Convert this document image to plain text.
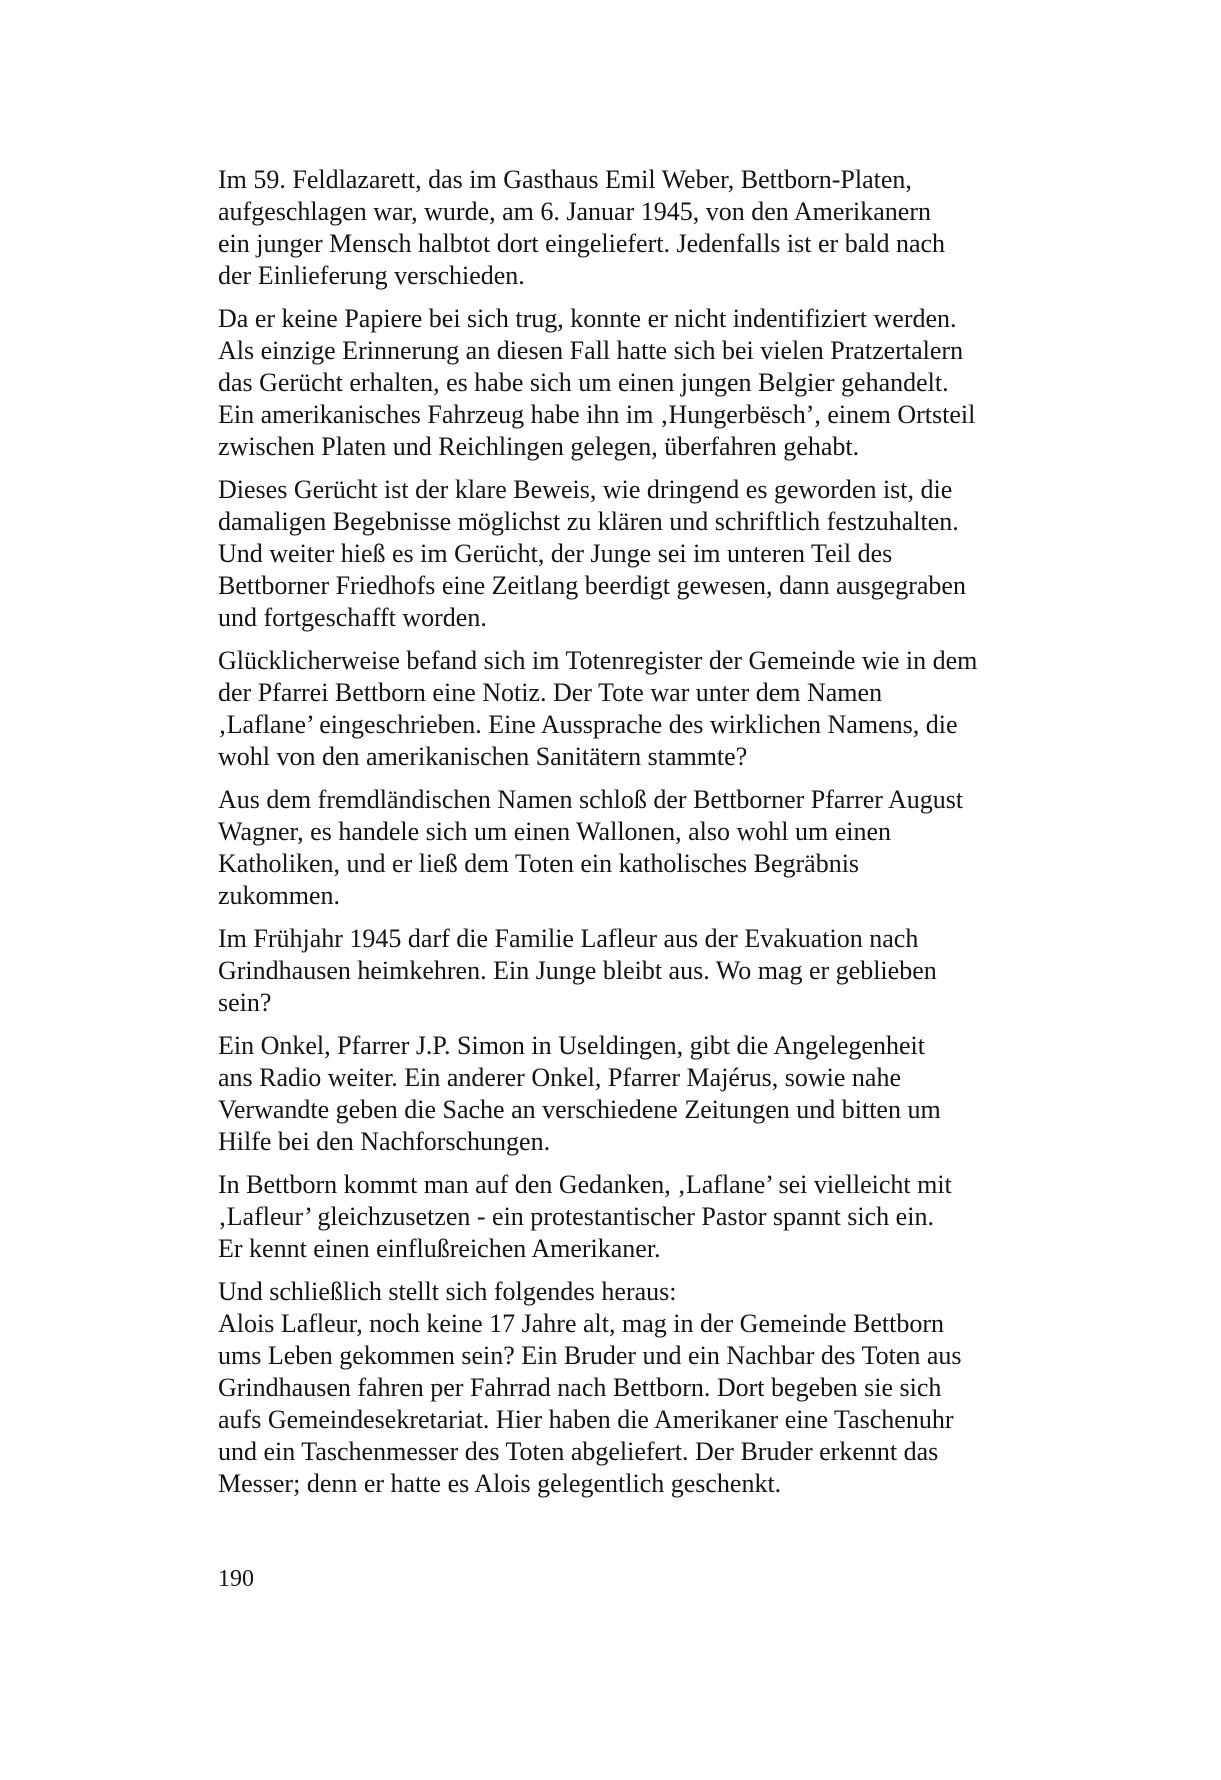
Im 59. Feldlazarett, das im Gasthaus Emil Weber, Bettborn-Platen,
aufgeschlagen war, wurde, am 6. Januar 1945, von den Amerikanern
ein junger Mensch halbtot dort eingeliefert. Jedenfalls ist er bald nach
der Einlieferung verschieden.
Da er keine Papiere bei sich trug, konnte er nicht indentifiziert werden.
Als einzige Erinnerung an diesen Fall hatte sich bei vielen Pratzertalern
das Gerücht erhalten, es habe sich um einen jungen Belgier gehandelt.
Ein amerikanisches Fahrzeug habe ihn im ‚Hungerbësch’, einem Ortsteil
zwischen Platen und Reichlingen gelegen, überfahren gehabt.
Dieses Gerücht ist der klare Beweis, wie dringend es geworden ist, die
damaligen Begebnisse möglichst zu klären und schriftlich festzuhalten.
Und weiter hieß es im Gerücht, der Junge sei im unteren Teil des
Bettborner Friedhofs eine Zeitlang beerdigt gewesen, dann ausgegraben
und fortgeschafft worden.
Glücklicherweise befand sich im Totenregister der Gemeinde wie in dem
der Pfarrei Bettborn eine Notiz. Der Tote war unter dem Namen
‚Laflane’ eingeschrieben. Eine Aussprache des wirklichen Namens, die
wohl von den amerikanischen Sanitätern stammte?
Aus dem fremdländischen Namen schloß der Bettborner Pfarrer August
Wagner, es handele sich um einen Wallonen, also wohl um einen
Katholiken, und er ließ dem Toten ein katholisches Begräbnis
zukommen.
Im Frühjahr 1945 darf die Familie Lafleur aus der Evakuation nach
Grindhausen heimkehren. Ein Junge bleibt aus. Wo mag er geblieben
sein?
Ein Onkel, Pfarrer J.P. Simon in Useldingen, gibt die Angelegenheit
ans Radio weiter. Ein anderer Onkel, Pfarrer Majérus, sowie nahe
Verwandte geben die Sache an verschiedene Zeitungen und bitten um
Hilfe bei den Nachforschungen.
In Bettborn kommt man auf den Gedanken, ‚Laflane’ sei vielleicht mit
‚Lafleur’ gleichzusetzen - ein protestantischer Pastor spannt sich ein.
Er kennt einen einflußreichen Amerikaner.
Und schließlich stellt sich folgendes heraus:
Alois Lafleur, noch keine 17 Jahre alt, mag in der Gemeinde Bettborn
ums Leben gekommen sein? Ein Bruder und ein Nachbar des Toten aus
Grindhausen fahren per Fahrrad nach Bettborn. Dort begeben sie sich
aufs Gemeindesekretariat. Hier haben die Amerikaner eine Taschenuhr
und ein Taschenmesser des Toten abgeliefert. Der Bruder erkennt das
Messer; denn er hatte es Alois gelegentlich geschenkt.
190
